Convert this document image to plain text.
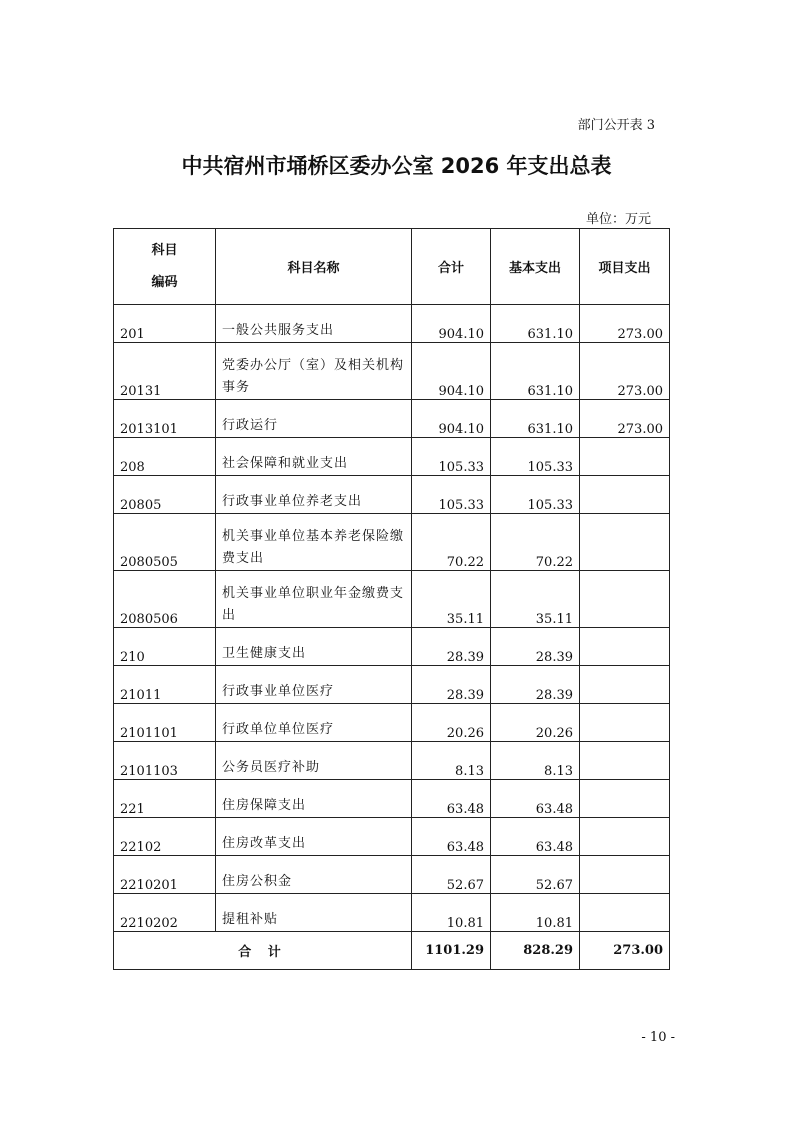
部门公开表 3
中共宿州市埇桥区委办公室 2026 年支出总表
单位：万元
科目
编码	科目名称	合计	基本支出	项目支出
201	一般公共服务支出	904.10	631.10	273.00
20131	党委办公厅（室）及相关机构事务	904.10	631.10	273.00
2013101	行政运行	904.10	631.10	273.00
208	社会保障和就业支出	105.33	105.33	
20805	行政事业单位养老支出	105.33	105.33	
2080505	机关事业单位基本养老保险缴费支出	70.22	70.22	
2080506	机关事业单位职业年金缴费支出	35.11	35.11	
210	卫生健康支出	28.39	28.39	
21011	行政事业单位医疗	28.39	28.39	
2101101	行政单位单位医疗	20.26	20.26	
2101103	公务员医疗补助	8.13	8.13	
221	住房保障支出	63.48	63.48	
22102	住房改革支出	63.48	63.48	
2210201	住房公积金	52.67	52.67	
2210202	提租补贴	10.81	10.81	
合 计		1101.29	828.29	273.00
- 10 -
